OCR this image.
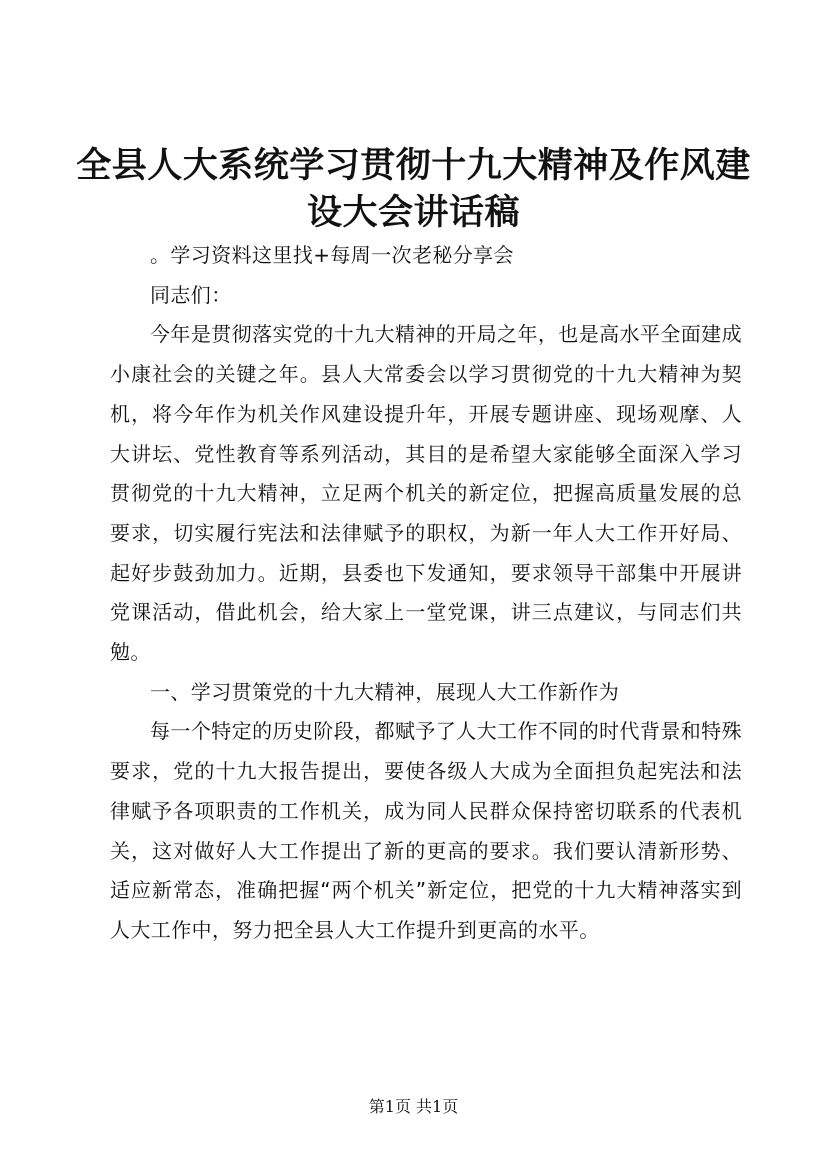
全县人大系统学习贯彻十九大精神及作风建设大会讲话稿

。学习资料这里找+每周一次老秘分享会

同志们：

今年是贯彻落实党的十九大精神的开局之年，也是高水平全面建成小康社会的关键之年。县人大常委会以学习贯彻党的十九大精神为契机，将今年作为机关作风建设提升年，开展专题讲座、现场观摩、人大讲坛、党性教育等系列活动，其目的是希望大家能够全面深入学习贯彻党的十九大精神，立足两个机关的新定位，把握高质量发展的总要求，切实履行宪法和法律赋予的职权，为新一年人大工作开好局、起好步鼓劲加力。近期，县委也下发通知，要求领导干部集中开展讲党课活动，借此机会，给大家上一堂党课，讲三点建议，与同志们共勉。

一、学习贯策党的十九大精神，展现人大工作新作为

每一个特定的历史阶段，都赋予了人大工作不同的时代背景和特殊要求，党的十九大报告提出，要使各级人大成为全面担负起宪法和法律赋予各项职责的工作机关，成为同人民群众保持密切联系的代表机关，这对做好人大工作提出了新的更高的要求。我们要认清新形势、适应新常态，准确把握“两个机关”新定位，把党的十九大精神落实到人大工作中，努力把全县人大工作提升到更高的水平。

第1页 共1页
